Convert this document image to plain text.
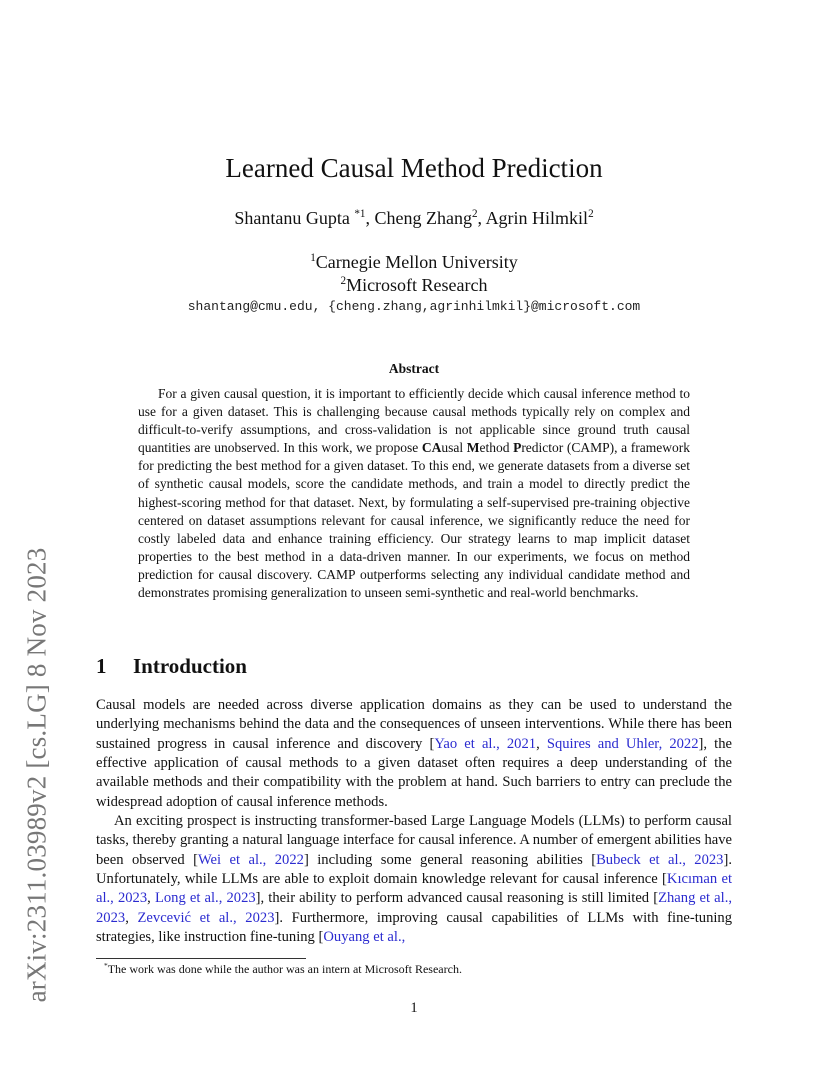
arXiv:2311.03989v2 [cs.LG] 8 Nov 2023
Learned Causal Method Prediction
Shantanu Gupta $^{*1}$, Cheng Zhang$^2$, Agrin Hilmkil$^2$
$^1$Carnegie Mellon University
$^2$Microsoft Research
shantang@cmu.edu, {cheng.zhang,agrinhilmkil}@microsoft.com
Abstract

For a given causal question, it is important to efficiently decide which causal inference method to use for a given dataset. This is challenging because causal methods typically rely on complex and difficult-to-verify assumptions, and cross-validation is not applicable since ground truth causal quantities are unobserved. In this work, we propose CAusal Method Predictor (CAMP), a framework for predicting the best method for a given dataset. To this end, we generate datasets from a diverse set of synthetic causal models, score the candidate methods, and train a model to directly predict the highest-scoring method for that dataset. Next, by formulating a self-supervised pre-training objective centered on dataset assumptions relevant for causal inference, we significantly reduce the need for costly labeled data and enhance training efficiency. Our strategy learns to map implicit dataset properties to the best method in a data-driven manner. In our experiments, we focus on method prediction for causal discovery. CAMP outperforms selecting any individual candidate method and demonstrates promising generalization to unseen semi-synthetic and real-world benchmarks.

1 Introduction

Causal models are needed across diverse application domains as they can be used to understand the underlying mechanisms behind the data and the consequences of unseen interventions. While there has been sustained progress in causal inference and discovery [Yao et al., 2021, Squires and Uhler, 2022], the effective application of causal methods to a given dataset often requires a deep understanding of the available methods and their compatibility with the problem at hand. Such barriers to entry can preclude the widespread adoption of causal inference methods.

An exciting prospect is instructing transformer-based Large Language Models (LLMs) to perform causal tasks, thereby granting a natural language interface for causal inference. A number of emergent abilities have been observed [Wei et al., 2022] including some general reasoning abilities [Bubeck et al., 2023]. Unfortunately, while LLMs are able to exploit domain knowledge relevant for causal inference [Kıcıman et al., 2023, Long et al., 2023], their ability to perform advanced causal reasoning is still limited [Zhang et al., 2023, Zevcević et al., 2023]. Furthermore, improving causal capabilities of LLMs with fine-tuning strategies, like instruction fine-tuning [Ouyang et al.,

*The work was done while the author was an intern at Microsoft Research.
1
